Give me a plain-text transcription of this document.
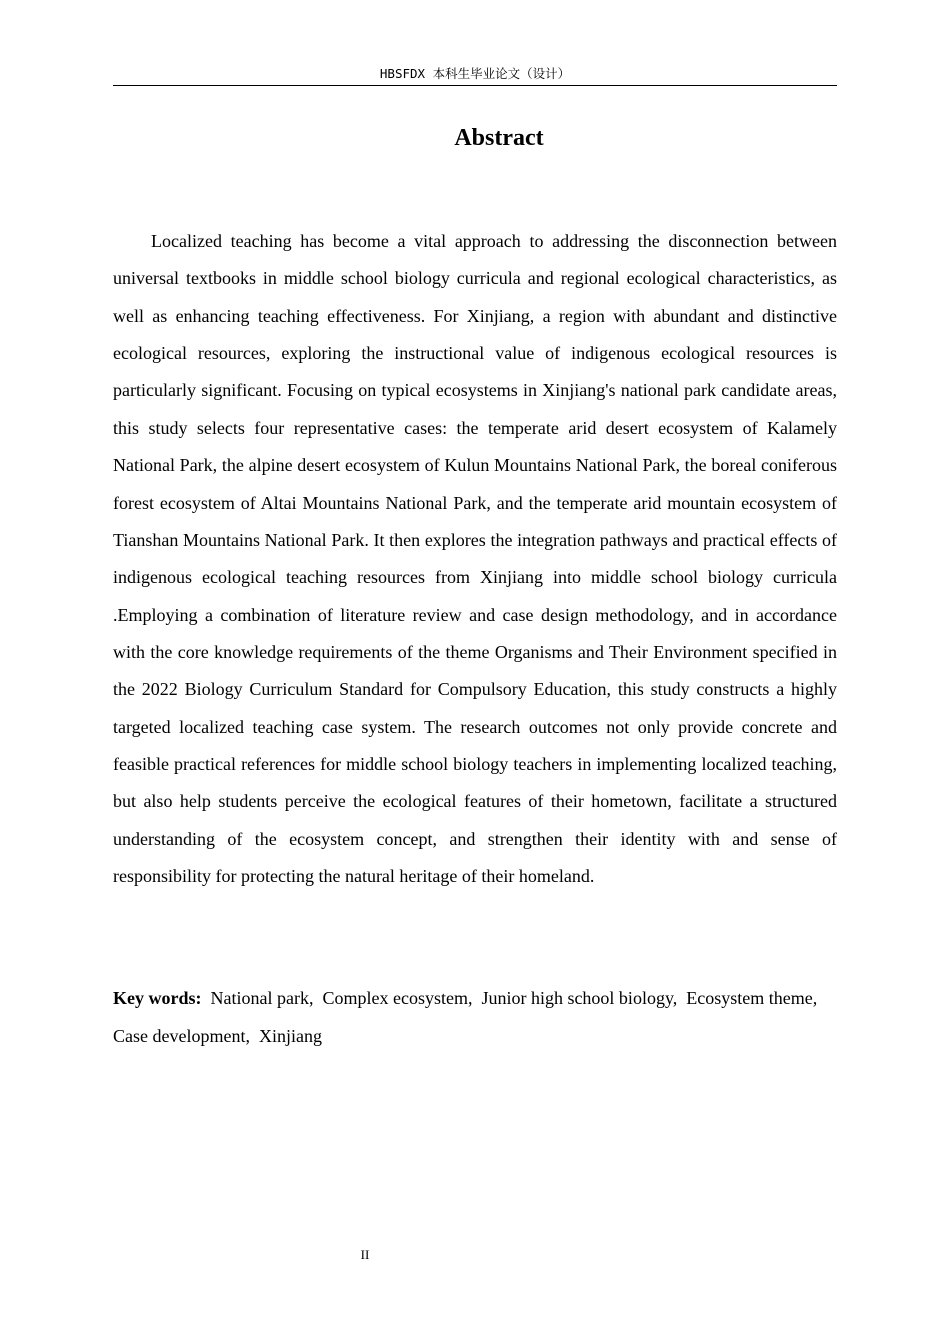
HBSFDX 本科生毕业论文（设计）
Abstract

Localized teaching has become a vital approach to addressing the disconnection between universal textbooks in middle school biology curricula and regional ecological characteristics, as well as enhancing teaching effectiveness. For Xinjiang, a region with abundant and distinctive ecological resources, exploring the instructional value of indigenous ecological resources is particularly significant. Focusing on typical ecosystems in Xinjiang's national park candidate areas, this study selects four representative cases: the temperate arid desert ecosystem of Kalamely National Park, the alpine desert ecosystem of Kulun Mountains National Park, the boreal coniferous forest ecosystem of Altai Mountains National Park, and the temperate arid mountain ecosystem of Tianshan Mountains National Park. It then explores the integration pathways and practical effects of indigenous ecological teaching resources from Xinjiang into middle school biology curricula .Employing a combination of literature review and case design methodology, and in accordance with the core knowledge requirements of the theme Organisms and Their Environment specified in the 2022 Biology Curriculum Standard for Compulsory Education, this study constructs a highly targeted localized teaching case system. The research outcomes not only provide concrete and feasible practical references for middle school biology teachers in implementing localized teaching, but also help students perceive the ecological features of their hometown, facilitate a structured understanding of the ecosystem concept, and strengthen their identity with and sense of responsibility for protecting the natural heritage of their homeland.

Key words:  National park,  Complex ecosystem,  Junior high school biology,  Ecosystem theme,  Case development,  Xinjiang

II
